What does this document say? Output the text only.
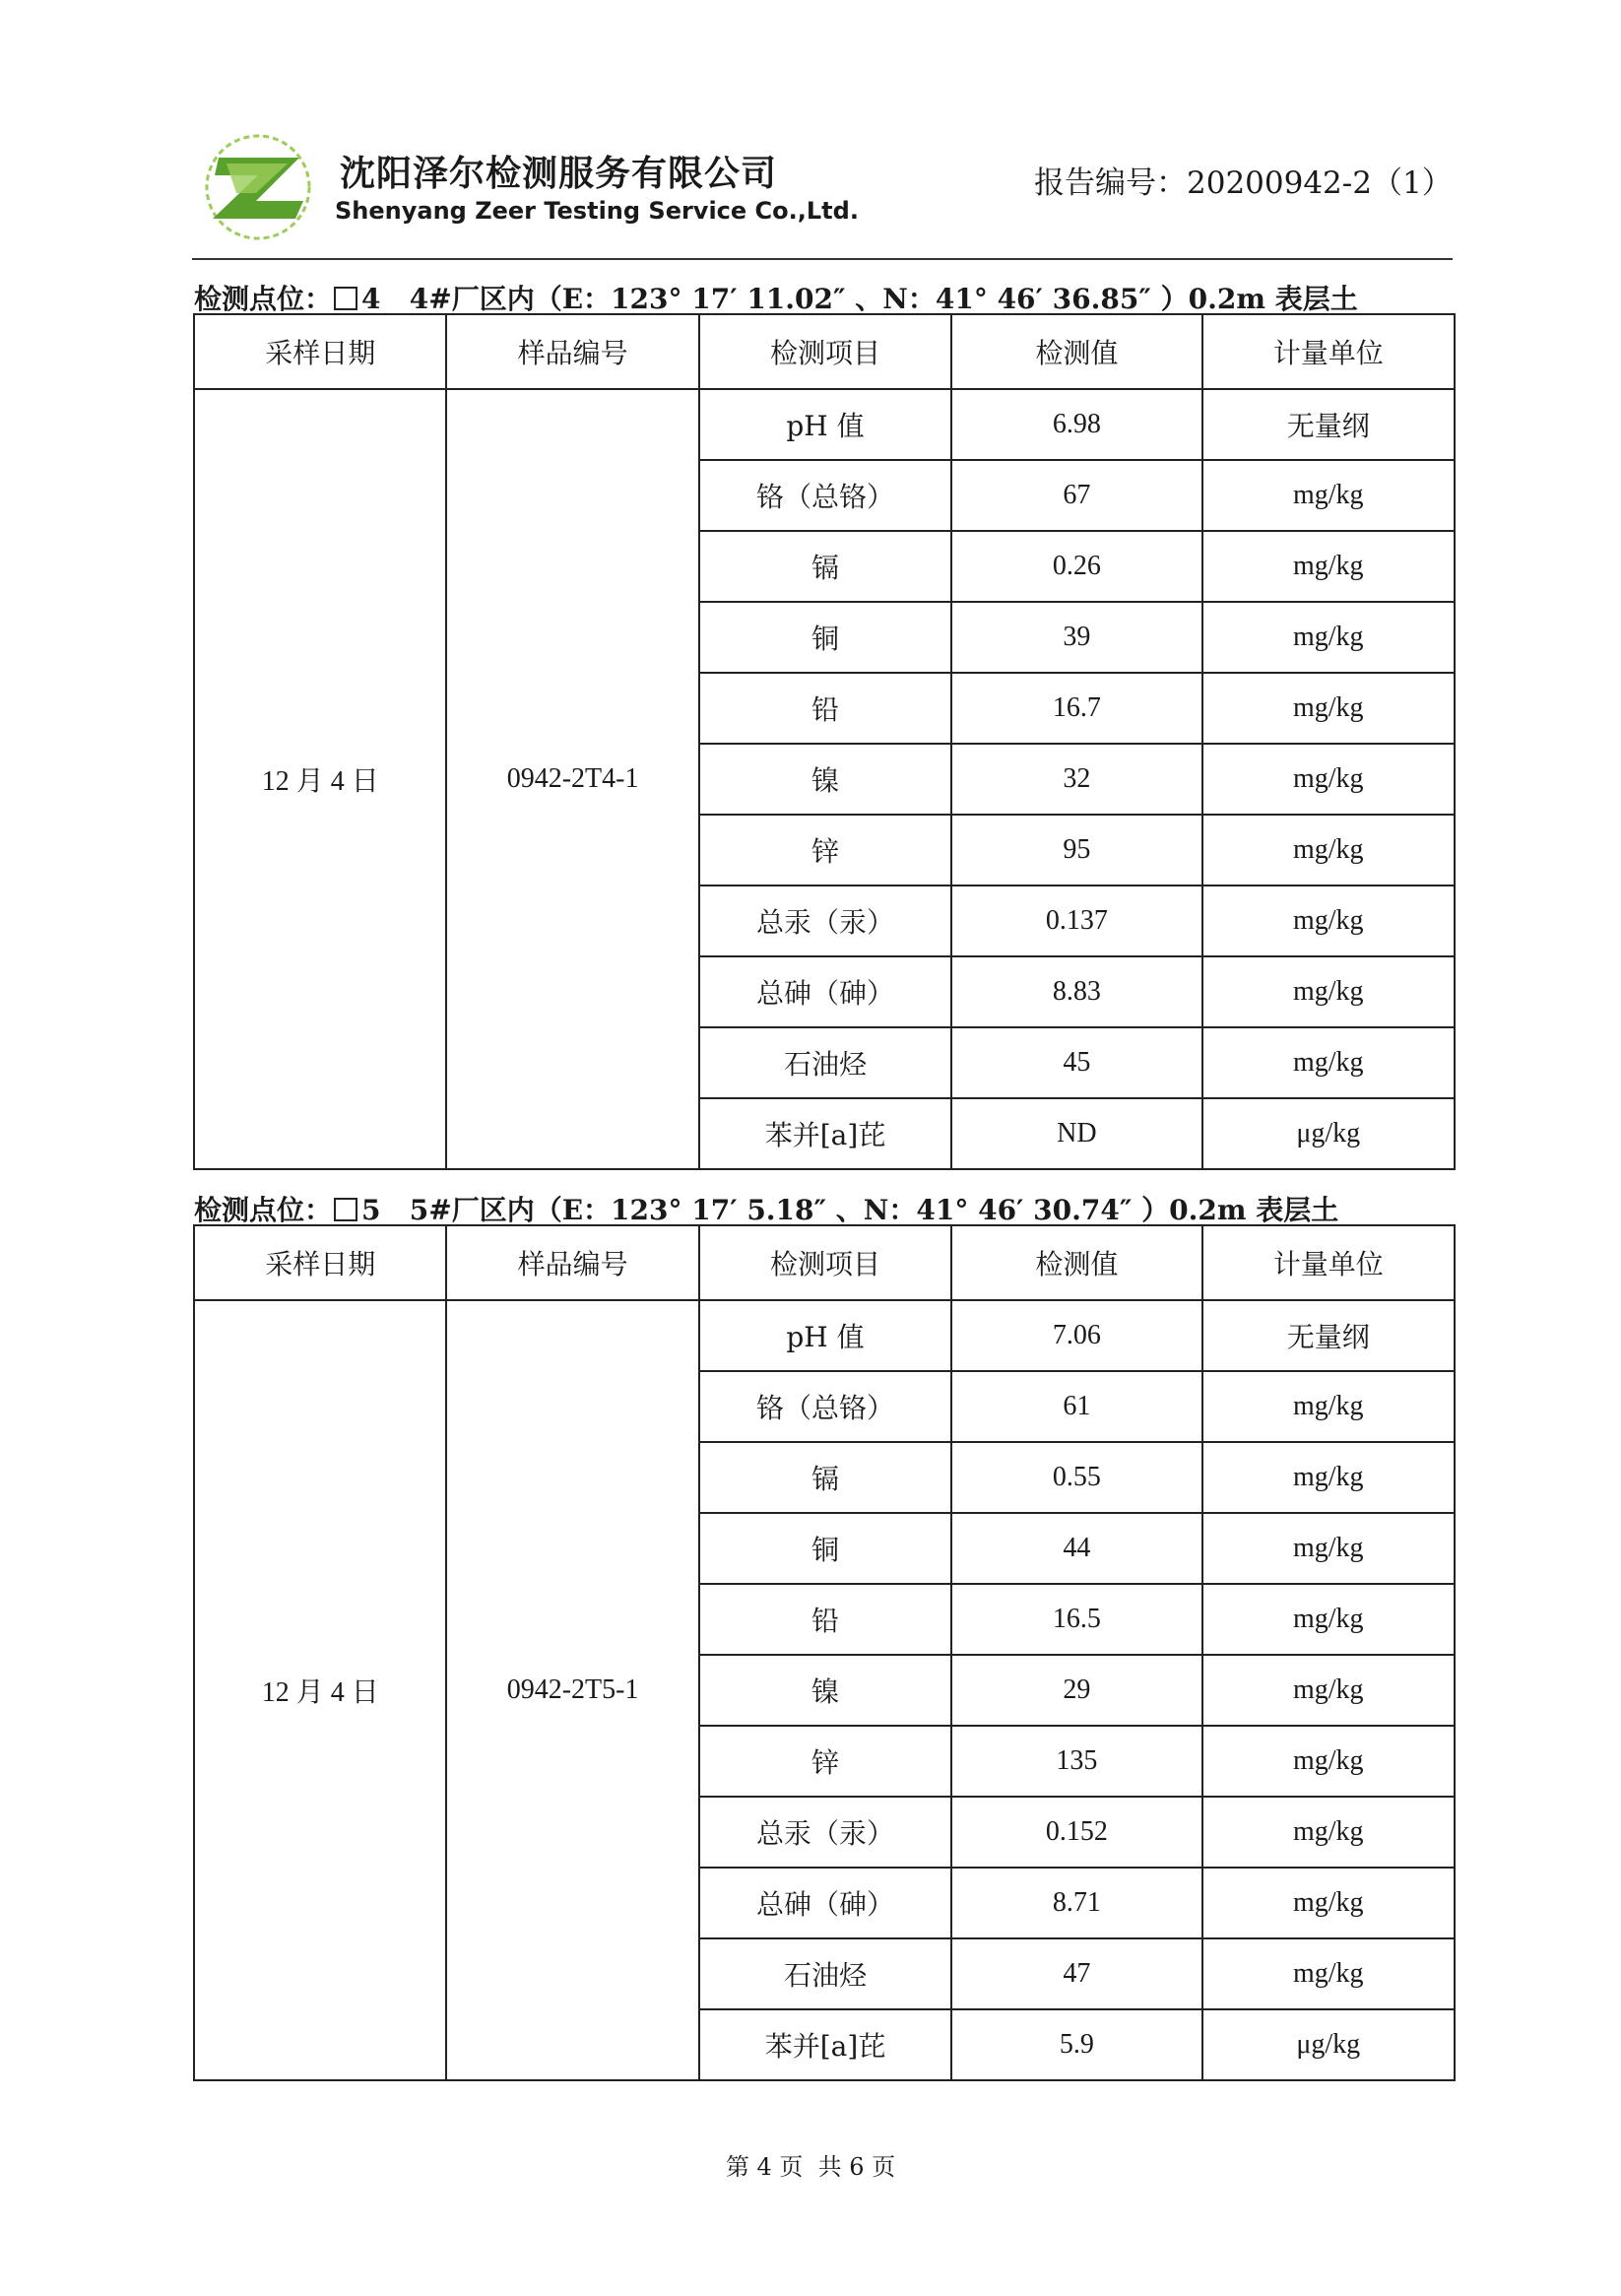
沈阳泽尔检测服务有限公司
Shenyang Zeer Testing Service Co.,Ltd.
报告编号：20200942-2（1）
检测点位： 4 4#厂区内（E：123° 17′ 11.02″ 、N：41° 46′ 36.85″ ）0.2m 表层土
采样日期	样品编号	检测项目	检测值	计量单位
12 月 4 日	0942-2T4-1	pH 值	6.98	无量纲
		铬（总铬）	67	mg/kg
		镉	0.26	mg/kg
		铜	39	mg/kg
		铅	16.7	mg/kg
		镍	32	mg/kg
		锌	95	mg/kg
		总汞（汞）	0.137	mg/kg
		总砷（砷）	8.83	mg/kg
		石油烃	45	mg/kg
		苯并[a]芘	ND	μg/kg
检测点位： 5 5#厂区内（E：123° 17′ 5.18″ 、N：41° 46′ 30.74″ ）0.2m 表层土
采样日期	样品编号	检测项目	检测值	计量单位
12 月 4 日	0942-2T5-1	pH 值	7.06	无量纲
		铬（总铬）	61	mg/kg
		镉	0.55	mg/kg
		铜	44	mg/kg
		铅	16.5	mg/kg
		镍	29	mg/kg
		锌	135	mg/kg
		总汞（汞）	0.152	mg/kg
		总砷（砷）	8.71	mg/kg
		石油烃	47	mg/kg
		苯并[a]芘	5.9	μg/kg
第 4 页  共 6 页
